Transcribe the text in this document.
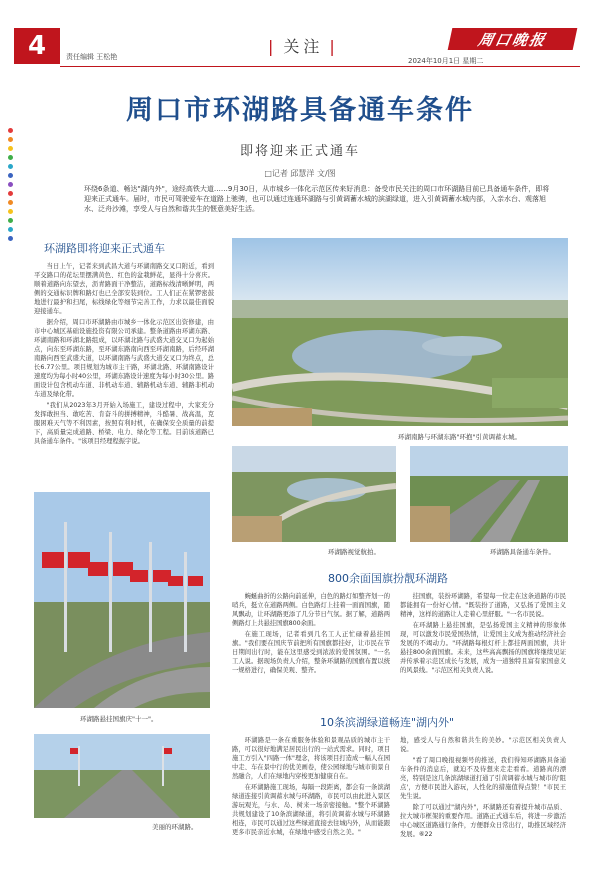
4	责任编辑 王松艳
| 关注 |	周口晚报
2024年10月1日 星期二
周口市环湖路具备通车条件
即将迎来正式通车
□记者 邱慧洋 文/图
环绕6条道、畅达"湖内外"，途经高铁大道……9月30日，从市城乡一体化示范区传来好消息：备受市民关注的周口市环湖路目前已具备通车条件，即将迎来正式通车。届时，市民可驾驶爱车在道路上驰骋，也可以通过连通环湖路与引黄调蓄水城的滨湖绿道，进入引黄调蓄水城内部，入亲水台、观落旭水、泛舟沙滩，享受人与自然和谐共生的惬意美好生活。
环湖路即将迎来正式通车

当日上午，记者来到武昌大道与环湖南路交叉口附近，看到平交路口的花坛里摆满黄色、红色的盆栽鲜花，显得十分喜庆。顺着道路向东望去，沥青路面干净整洁，道路标线清晰鲜明，两侧的交通标识牌和路灯也已全部安装到位。工人们正在紧锣密鼓地进行最护和扫尾，标线绿化等细节完善工作，力求以最佳面貌迎接通车。

据介绍，周口市环湖路由市城乡一体化示范区出资修建，由市中心城区基础设施投资有限公司承建。整条道路由环湖东路、环湖南路和环湖北路组成，以环湖北路与武盛大道交叉口为起始点，向东至环湖东路，至环湖东路南向西至环湖南路，后经环湖南路向西至武盛大道，以环湖南路与武盛大道交叉口为终点，总长6.77公里。项目规划为城市主干路，环湖北路、环湖南路设计速度均为每小时40公里，环湖东路设计速度为每小时30公里。路面设计包含机动车道、非机动车道、辅路机动车道、辅路非机动车道及绿化带。

"我们从2023年3月开始入场施工，建设过程中，大家充分发挥敢担当、敢吃苦、肯奋斗的拼搏精神，斗酷暑、战高温，克服困难天气等不利因素，按照有利时机，在确保安全质量的前提下，高质量完成道路、桥梁、电力、绿化等工程。目前该道路已具备通车条件。"该项目经理程振宇说。

环湖南路与环湖东路"环抱"引黄调蓄水城。
环湖路视觉航拍。	环湖路具备通车条件。
环湖路悬挂国旗庆"十一"。
美丽的环湖路。
800余面国旗扮靓环湖路

蜿蜒曲折的公路向前延伸，白色的路灯如整齐划一的哨兵，挺立在道路两侧。白色路灯上挂着一面面国旗，随风飘动，让环湖路更添了几分节日气氛。据了解，道路两侧路灯上共悬挂国旗800余面。

在施工现场，记者看到几名工人正忙碌着悬挂国旗。"我们要在国庆节前把所有国旗都挂好，让市民在节日期间出行时，能在这里感受到浓浓的爱国氛围。"一名工人说。据现场负责人介绍，整条环湖路的国旗布置以统一规格进行，确保美观、整齐。

挂国旗，装扮环湖路，希望每一位走在这条道路的市民都能拥有一份好心情。"既装扮了道路，又弘扬了爱国主义精神，这样的道路让人走着心里舒服。"一名市民说。

在环湖路上悬挂国旗，是弘扬爱国主义精神的形象体现，可以激发市民爱国热情，让爱国主义成为推动经济社会发展的不竭动力。"环湖路每根灯杆上都挂两面国旗，共计悬挂800余面国旗。未来，这些高高飘扬的国旗将继续见证并传承着示范区成长与发展，成为一道独特且富有家国意义的风景线。"示范区相关负责人说。

10条滨湖绿道畅连"湖内外"

环湖路是一条在重服务体验和景观品质的城市主干路，可以很好地满足居民出行的一站式需求。同时，项目施工方引入"四路一体"理念，将该项目打造成一幅人在园中走、车在景中行的优美画卷，使公园绿地与城市街景自然融合，人们在绿地内穿梭更加健康自在。

在环湖路施工现场，每隔一段距离，都会有一条滨湖绿道连接引黄调蓄水城与环湖路，市民可以由此进入景区游玩观光，与水、岛、树来一场亲密接触。"整个环湖路共规划建设了10条滨湖绿道，将引黄调蓄水城与环湖路相连，市民可以通过这些绿道直接去往城内外，从而能跟更多市民亲近水城，在绿地中感受自然之美。"

地，感受人与自然和谐共生的美妙。"示范区相关负责人说。

"看了周口晚报视频号的推送，我们得知环湖路具备通车条件的消息后，就迫不及待想来走走看看。道路真的漂亮，特别是这几条滨湖绿道打通了引黄调蓄水城与城市的'阻点'，方便市民进入游玩，人性化的措施值得点赞！"市民王先生说。

除了可以通过"湖内外"，环湖路还有着提升城市品质、拉大城市框架的重要作用。道路正式通车后，将进一步激活中心城区道路通行条件，方便群众日常出行，助推区域经济发展。⑥22
